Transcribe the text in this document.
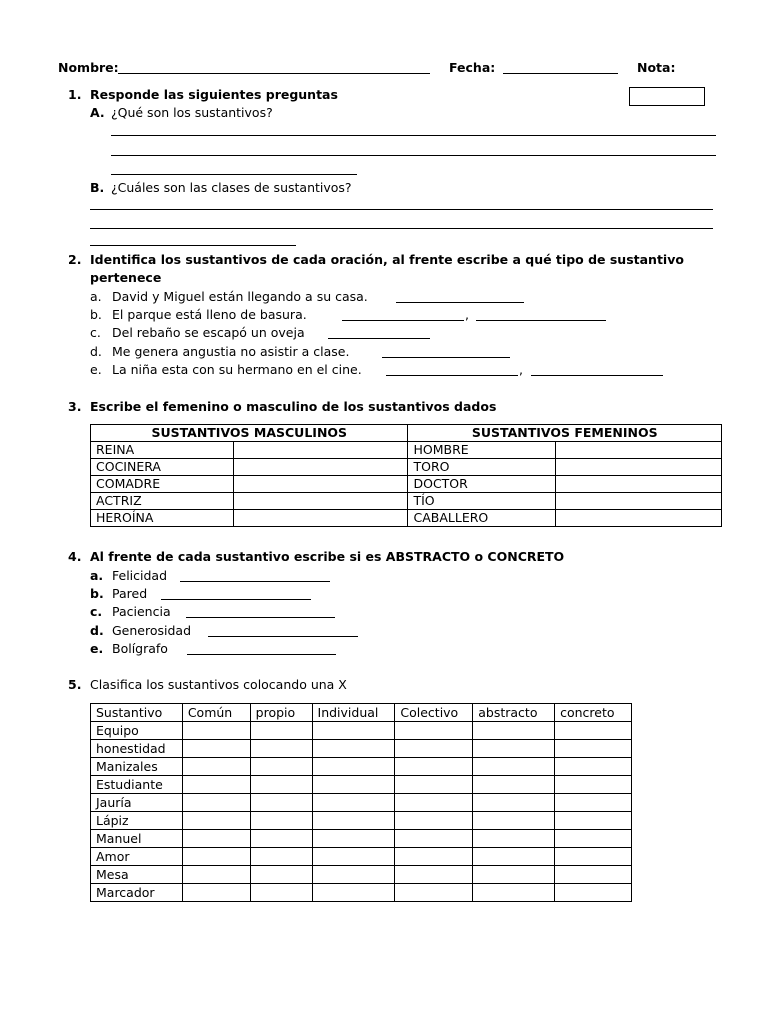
Nombre:	Fecha:	Nota:
1. Responde las siguientes preguntas
A. ¿Qué son los sustantivos?
B. ¿Cuáles son las clases de sustantivos?
2. Identifica los sustantivos de cada oración, al frente escribe a qué tipo de sustantivo
pertenece
a. David y Miguel están llegando a su casa.
b. El parque está lleno de basura.	,
c. Del rebaño se escapó un oveja
d. Me genera angustia no asistir a clase.
e. La niña esta con su hermano en el cine.	,
3. Escribe el femenino o masculino de los sustantivos dados
SUSTANTIVOS MASCULINOS		SUSTANTIVOS FEMENINOS	
REINA		HOMBRE	
COCINERA		TORO	
COMADRE		DOCTOR	
ACTRIZ		TÍO	
HEROÍNA		CABALLERO	
4. Al frente de cada sustantivo escribe si es ABSTRACTO o CONCRETO
a. Felicidad
b. Pared
c. Paciencia
d. Generosidad
e. Bolígrafo
5. Clasifica los sustantivos colocando una X
Sustantivo	Común	propio	Individual	Colectivo	abstracto	concreto
Equipo						
honestidad						
Manizales						
Estudiante						
Jauría						
Lápiz						
Manuel						
Amor						
Mesa						
Marcador						
